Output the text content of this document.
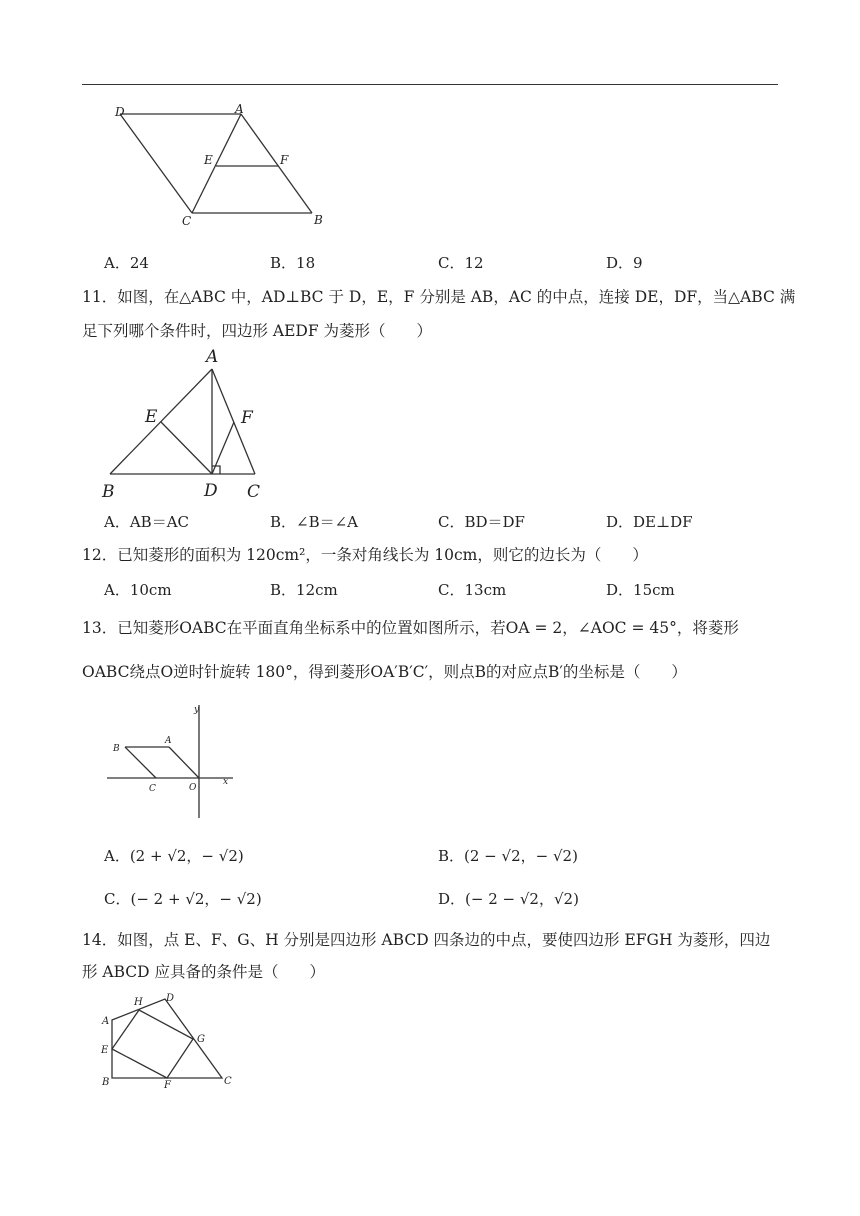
D	A
E	F
C	B
A．24	B．18	C．12	D．9
11．如图，在△ABC 中，AD⊥BC 于 D，E，F 分别是 AB，AC 的中点，连接 DE，DF，当△ABC 满
足下列哪个条件时，四边形 AEDF 为菱形（　　）
A
E	F
B	D C
A．AB＝AC	B．∠B＝∠A	C．BD＝DF	D．DE⊥DF
12．已知菱形的面积为 120cm²，一条对角线长为 10cm，则它的边长为（　　）
A．10cm	B．12cm	C．13cm	D．15cm
13．已知菱形OABC在平面直角坐标系中的位置如图所示，若OA = 2，∠AOC = 45°，将菱形
OABC绕点O逆时针旋转 180°，得到菱形OA′B′C′，则点B的对应点B′的坐标是（　　）
y
x
B
A
C	O
A．(2 + √2，− √2)	B．(2 − √2，− √2)
C．(− 2 + √2，− √2)	D．(− 2 − √2，√2)
14．如图，点 E、F、G、H 分别是四边形 ABCD 四条边的中点，要使四边形 EFGH 为菱形，四边
形 ABCD 应具备的条件是（　　）
H D
A
G
E
B	F	C
